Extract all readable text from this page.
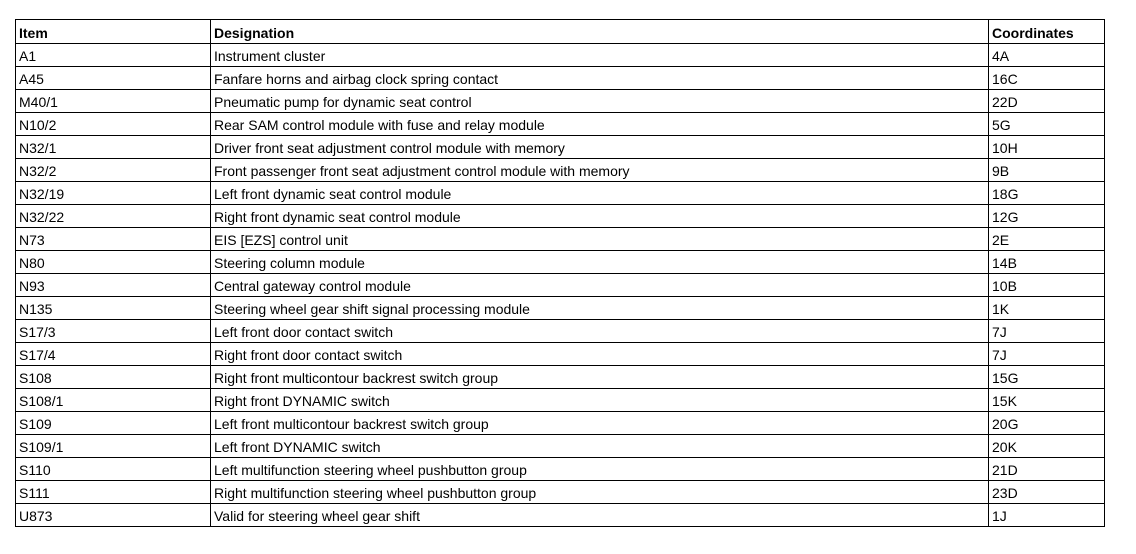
Item	Designation	Coordinates
A1	Instrument cluster	4A
A45	Fanfare horns and airbag clock spring contact	16C
M40/1	Pneumatic pump for dynamic seat control	22D
N10/2	Rear SAM control module with fuse and relay module	5G
N32/1	Driver front seat adjustment control module with memory	10H
N32/2	Front passenger front seat adjustment control module with memory	9B
N32/19	Left front dynamic seat control module	18G
N32/22	Right front dynamic seat control module	12G
N73	EIS [EZS] control unit	2E
N80	Steering column module	14B
N93	Central gateway control module	10B
N135	Steering wheel gear shift signal processing module	1K
S17/3	Left front door contact switch	7J
S17/4	Right front door contact switch	7J
S108	Right front multicontour backrest switch group	15G
S108/1	Right front DYNAMIC switch	15K
S109	Left front multicontour backrest switch group	20G
S109/1	Left front DYNAMIC switch	20K
S110	Left multifunction steering wheel pushbutton group	21D
S111	Right multifunction steering wheel pushbutton group	23D
U873	Valid for steering wheel gear shift	1J
